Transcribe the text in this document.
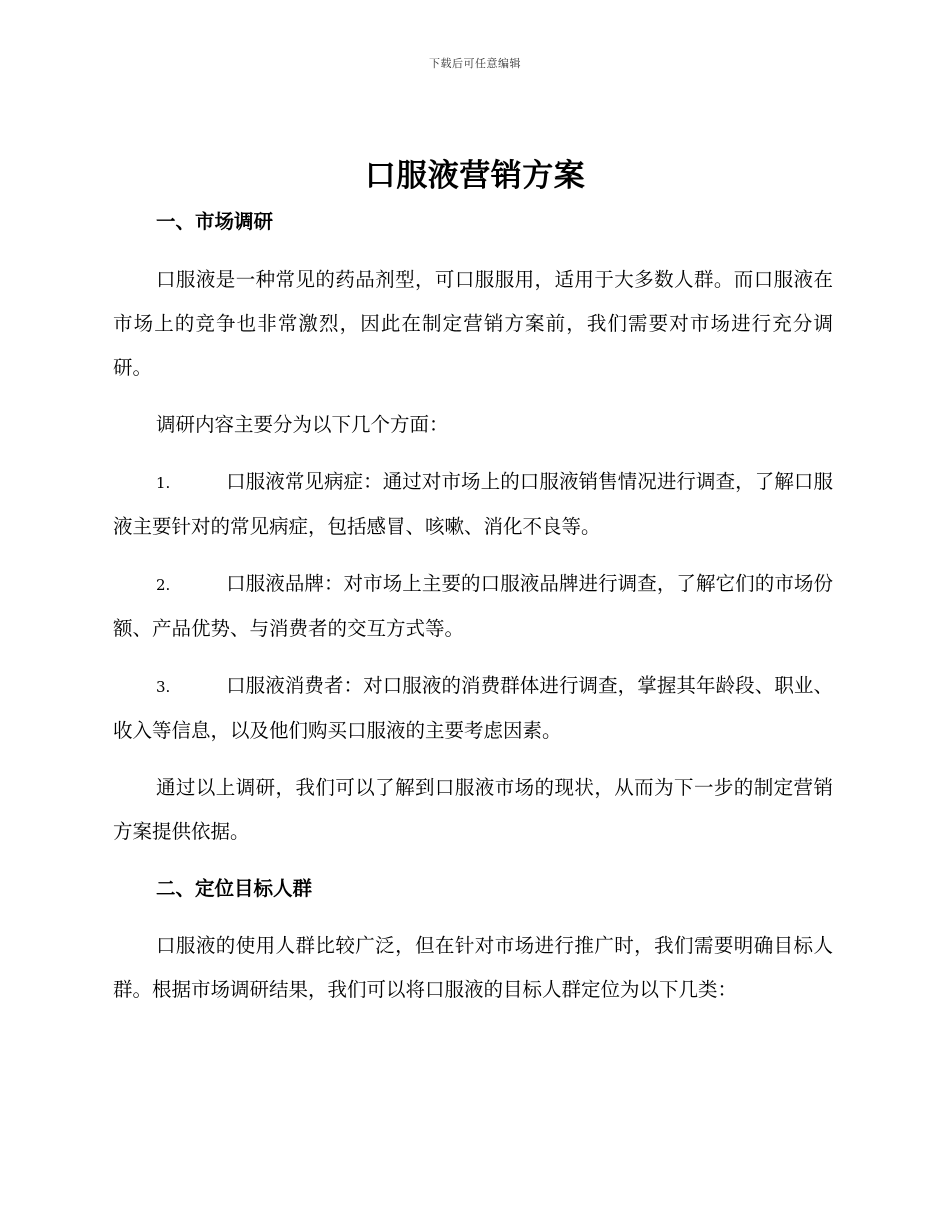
下载后可任意编辑
口服液营销方案

一、市场调研

口服液是一种常见的药品剂型，可口服服用，适用于大多数人群。而口服液在市场上的竞争也非常激烈，因此在制定营销方案前，我们需要对市场进行充分调研。

调研内容主要分为以下几个方面：

1.	口服液常见病症：通过对市场上的口服液销售情况进行调查，了解口服液主要针对的常见病症，包括感冒、咳嗽、消化不良等。

2.	口服液品牌：对市场上主要的口服液品牌进行调查，了解它们的市场份额、产品优势、与消费者的交互方式等。

3.	口服液消费者：对口服液的消费群体进行调查，掌握其年龄段、职业、收入等信息，以及他们购买口服液的主要考虑因素。

通过以上调研，我们可以了解到口服液市场的现状，从而为下一步的制定营销方案提供依据。

二、定位目标人群

口服液的使用人群比较广泛，但在针对市场进行推广时，我们需要明确目标人群。根据市场调研结果，我们可以将口服液的目标人群定位为以下几类：
